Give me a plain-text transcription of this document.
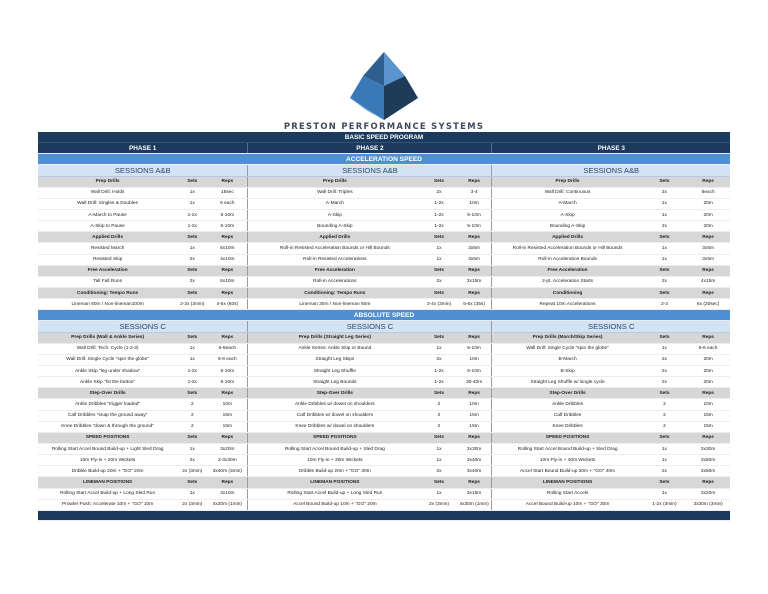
PRESTON PERFORMANCE SYSTEMS
BASIC SPEED PROGRAM								
PHASE 1			PHASE 2			PHASE 3		
ACCELERATION SPEED								
SESSIONS A&B			SESSIONS A&B			SESSIONS A&B		
Prep Drills	Sets	Reps	Prep Drills	Sets	Reps	Prep Drills	Sets	Reps
Wall Drill: Holds	1x	15sec	Wall Drill: Triples	2x	3-4	Wall Drill: Continuous	2x	6each
Wall Drill: Singles & Doubles	1x	6 each	A-March	1-2x	10m	A-March	1x	20m
A-March to Pause	1-2x	5-10m	A-Skip	1-2x	5-10m	A-Skip	1x	20m
A-Skip to Pause	1-2x	5-10m	Bounding A-Skip	1-2x	5-10m	Bounding A-Skip	2x	20m
Applied Drills	Sets	Reps	Applied Drills	Sets	Reps	Applied Drills	Sets	Reps
Resisted March	1x	6x10m	Roll-in Resisted Acceleration Bounds or Hill Bounds	1x	3x5m	Roll-in Resisted Acceleration Bounds or Hill Bounds	1x	3x5m
Resisted Skip	2x	4x10m	Roll-in Resisted Accelerations	1x	3x5m	Roll-in Acceleration Bounds	1x	3x5m
Free Acceleration	Sets	Reps	Free Acceleration	Sets	Reps	Free Acceleration	Sets	Reps
Tall Fall Runs	2x	6x10m	Roll-in Accelerations	2x	3x15m	2-pt. Acceleration Starts	2x	4x15m
Conditioning: Tempo Runs	Sets	Reps	Conditioning: Tempo Runs	Sets	Reps	Conditioning	Sets	Reps
Lineman 60m / Non-lineman100m	2-3x (3min)	4-6x (60s)	Lineman 30m / Non-lineman 60m	3-4x (3min)	5-6x (35s)	Repeat 10m Accelerations	2-3	6x (20sec)
ABSOLUTE SPEED								
SESSIONS C			SESSIONS C			SESSIONS C		
Prep Drills (Wall & Ankle Series)	Sets	Reps	Prep Drills (Straight Leg Series)	Sets	Reps	Prep Drills (March/Skip Series)	Sets	Reps
Wall Drill: Tech. Cycle (1-2-3)	1x	6-8each	Ankle Series: Ankle Skip or Bound	1x	5-10m	Wall Drill: Single Cycle "spin the globe"	1x	6-8 each
Wall Drill: Single Cycle "spin the globe"	1x	6-8 each	Straight Leg Skips	2x	10m	B-March	2x	20m
Ankle Skip "leg under shadow"	1-2x	5-10m	Straight Leg Shuffle	1-2x	5-10m	B-Skip	2x	20m
Ankle Skip "hit the button"	1-2x	5-10m	Straight Leg Bounds	1-2x	30-40m	Straight Leg Shuffle w/ single cycle	2x	20m
Step-Over Drills	Sets	Reps	Step-Over Drills	Sets	Reps	Step-Over Drills	Sets	Reps
Ankle Dribbles "trigger loaded"	2	10m	Ankle Dribbles w/ dowel on shoulders	2	10m	Ankle Dribbles	2	10m
Calf Dribbles "snap the ground away"	2	15m	Calf Dribbles w/ dowel on shoulders	2	15m	Calf Dribbles	2	15m
Knee Dribbles "down & through the ground"	2	15m	Knee Dribbles w/ dowel on shoulders	2	15m	Knee Dribbles	2	15m
SPEED POSITIONS	Sets	Reps	SPEED POSITIONS	Sets	Reps	SPEED POSITIONS	Sets	Reps
Rolling Start Accel Bound Build-up + Light Sled Drag	1x	3x20m	Rolling Start Accel Bound Build-up + Sled Drag	1x	3x30m	Rolling Start Accel Bound Build-up + Sled Drag	1x	3x30m
10m Fly-in + 20m Wickets	2x	2-3x30m	10m Fly-in + 30m Wickets	1x	3x40m	10m Fly-in + 40m Wickets	1x	3x50m
Dribble Build-up 20m + "GO" 20m	2x (3min)	3x40m (3min)	Dribble Build-up 20m + "GO" 30m	2x	3x40m	Accel Start Bound Build-up 20m + "GO" 40m	2x	3x50m
LINEMAN POSITIONS	Sets	Reps	LINEMAN POSITIONS	Sets	Reps	LINEMAN POSITIONS	Sets	Reps
Rolling Start Accel Build-up + Long Sled Run	1x	3x10m	Rolling Start Accel Build-up + Long Sled Run	1x	3x15m	Rolling Start Accels	1x	3x20m
Prowler Push: Accelerate 10m + "GO" 10m	2x (3min)	4x20m (1min)	Accel Bound Build-up 10m + "GO" 20m	2x (3min)	4x30m (1min)	Accel Bound Build-up 10m + "GO" 30m	1-2x (3min)	3x30m (3min)
